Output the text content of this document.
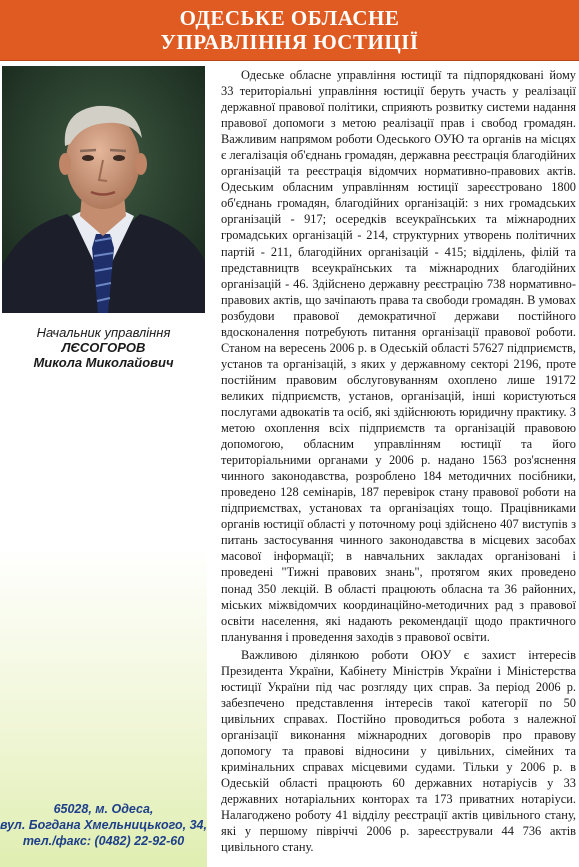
ОДЕСЬКЕ ОБЛАСНЕ
УПРАВЛІННЯ ЮСТИЦІЇ
Начальник управління
ЛЄСОГОРОВ
Микола Миколайович
65028, м. Одеса,
вул. Богдана Хмельницького, 34,
тел./факс: (0482) 22-92-60

Одеське обласне управління юстиції та підпорядковані йому 33 територіальні управління юстиції беруть участь у реалізації державної правової політики, сприяють розвитку системи надання правової допомоги з метою реалізації прав і свобод громадян. Важливим напрямом роботи Одеського ОУЮ та органів на місцях є легалізація об'єднань громадян, державна реєстрація благодійних організацій та реєстрація відомчих нормативно-правових актів. Одеським обласним управлінням юстиції зареєстровано 1800 об'єднань громадян, благодійних організацій: з них громадських організацій - 917; осередків всеукраїнських та міжнародних громадських організацій - 214, структурних утворень політичних партій - 211, благодійних організацій - 415; відділень, філій та представництв всеукраїнських та міжнародних благодійних організацій - 46. Здійснено державну реєстрацію 738 нормативно-правових актів, що зачіпають права та свободи громадян. В умовах розбудови правової демократичної держави постійного вдосконалення потребують питання організації правової роботи. Станом на вересень 2006 р. в Одеській області 57627 підприємств, установ та організацій, з яких у державному секторі 2196, проте постійним правовим обслуговуванням охоплено лише 19172 великих підприємств, установ, організацій, інші користуються послугами адвокатів та осіб, які здійснюють юридичну практику. З метою охоплення всіх підприємств та організацій правовою допомогою, обласним управлінням юстиції та його територіальними органами у 2006 р. надано 1563 роз'яснення чинного законодавства, розроблено 184 методичних посібники, проведено 128 семінарів, 187 перевірок стану правової роботи на підприємствах, установах та організаціях тощо. Працівниками органів юстиції області у поточному році здійснено 407 виступів з питань застосування чинного законодавства в місцевих засобах масової інформації; в навчальних закладах організовані і проведені "Тижні правових знань", протягом яких проведено понад 350 лекцій. В області працюють обласна та 36 районних, міських міжвідомчих координаційно-методичних рад з правової освіти населення, які надають рекомендації щодо практичного планування і проведення заходів з правової освіти.

Важливою ділянкою роботи ОЮУ є захист інтересів Президента України, Кабінету Міністрів України і Міністерства юстиції України під час розгляду цих справ. За період 2006 р. забезпечено представлення інтересів такої категорії по 50 цивільних справах. Постійно проводиться робота з належної організації виконання міжнародних договорів про правову допомогу та правові відносини у цивільних, сімейних та кримінальних справах місцевими судами. Тільки у 2006 р. в Одеській області працюють 60 державних нотаріусів у 33 державних нотаріальних конторах та 173 приватних нотаріуси. Налагоджено роботу 41 відділу реєстрації актів цивільного стану, які у першому півріччі 2006 р. зареєстрували 44 736 актів цивільного стану.
